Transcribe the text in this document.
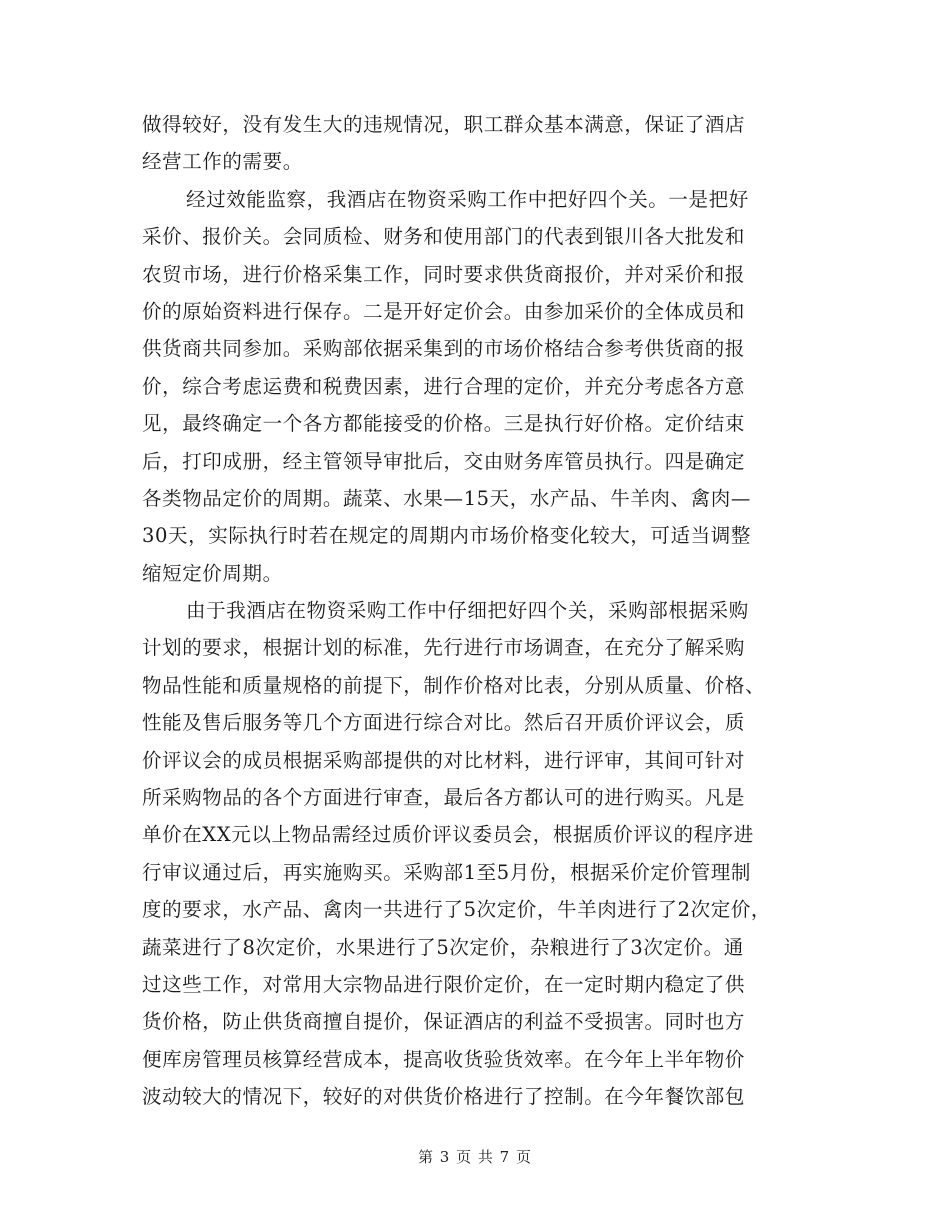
做得较好，没有发生大的违规情况，职工群众基本满意，保证了酒店
经营工作的需要。
经过效能监察，我酒店在物资采购工作中把好四个关。一是把好
采价、报价关。会同质检、财务和使用部门的代表到银川各大批发和
农贸市场，进行价格采集工作，同时要求供货商报价，并对采价和报
价的原始资料进行保存。二是开好定价会。由参加采价的全体成员和
供货商共同参加。采购部依据采集到的市场价格结合参考供货商的报
价，综合考虑运费和税费因素，进行合理的定价，并充分考虑各方意
见，最终确定一个各方都能接受的价格。三是执行好价格。定价结束
后，打印成册，经主管领导审批后，交由财务库管员执行。四是确定
各类物品定价的周期。蔬菜、水果—15天，水产品、牛羊肉、禽肉—
30天，实际执行时若在规定的周期内市场价格变化较大，可适当调整
缩短定价周期。
由于我酒店在物资采购工作中仔细把好四个关，采购部根据采购
计划的要求，根据计划的标准，先行进行市场调查，在充分了解采购
物品性能和质量规格的前提下，制作价格对比表，分别从质量、价格、
性能及售后服务等几个方面进行综合对比。然后召开质价评议会，质
价评议会的成员根据采购部提供的对比材料，进行评审，其间可针对
所采购物品的各个方面进行审查，最后各方都认可的进行购买。凡是
单价在XX元以上物品需经过质价评议委员会，根据质价评议的程序进
行审议通过后，再实施购买。采购部1至5月份，根据采价定价管理制
度的要求，水产品、禽肉一共进行了5次定价，牛羊肉进行了2次定价，
蔬菜进行了8次定价，水果进行了5次定价，杂粮进行了3次定价。通
过这些工作，对常用大宗物品进行限价定价，在一定时期内稳定了供
货价格，防止供货商擅自提价，保证酒店的利益不受损害。同时也方
便库房管理员核算经营成本，提高收货验货效率。在今年上半年物价
波动较大的情况下，较好的对供货价格进行了控制。在今年餐饮部包
第 3 页 共 7 页
